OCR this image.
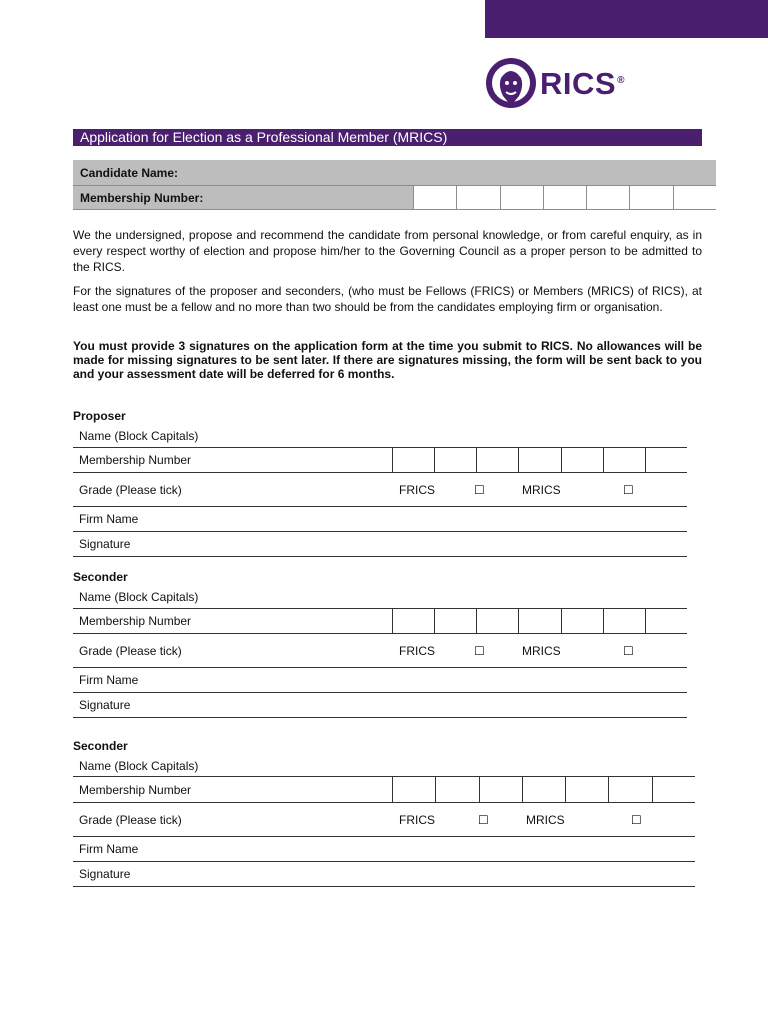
RICS®
Application for Election as a Professional Member (MRICS)
Candidate Name:
Membership Number:
We the undersigned, propose and recommend the candidate from personal knowledge, or from careful enquiry, as in every respect worthy of election and propose him/her to the Governing Council as a proper person to be admitted to the RICS.
For the signatures of the proposer and seconders, (who must be Fellows (FRICS) or Members (MRICS) of RICS), at least one must be a fellow and no more than two should be from the candidates employing firm or organisation.
You must provide 3 signatures on the application form at the time you submit to RICS. No allowances will be made for missing signatures to be sent later. If there are signatures missing, the form will be sent back to you and your assessment date will be deferred for 6 months.
Proposer
Name (Block Capitals)
Membership Number
Grade (Please tick)	FRICS	☐	MRICS	☐
Firm Name
Signature
Seconder
Name (Block Capitals)
Membership Number
Grade (Please tick)	FRICS	☐	MRICS	☐
Firm Name
Signature
Seconder
Name (Block Capitals)
Membership Number
Grade (Please tick)	FRICS	☐	MRICS	☐
Firm Name
Signature
